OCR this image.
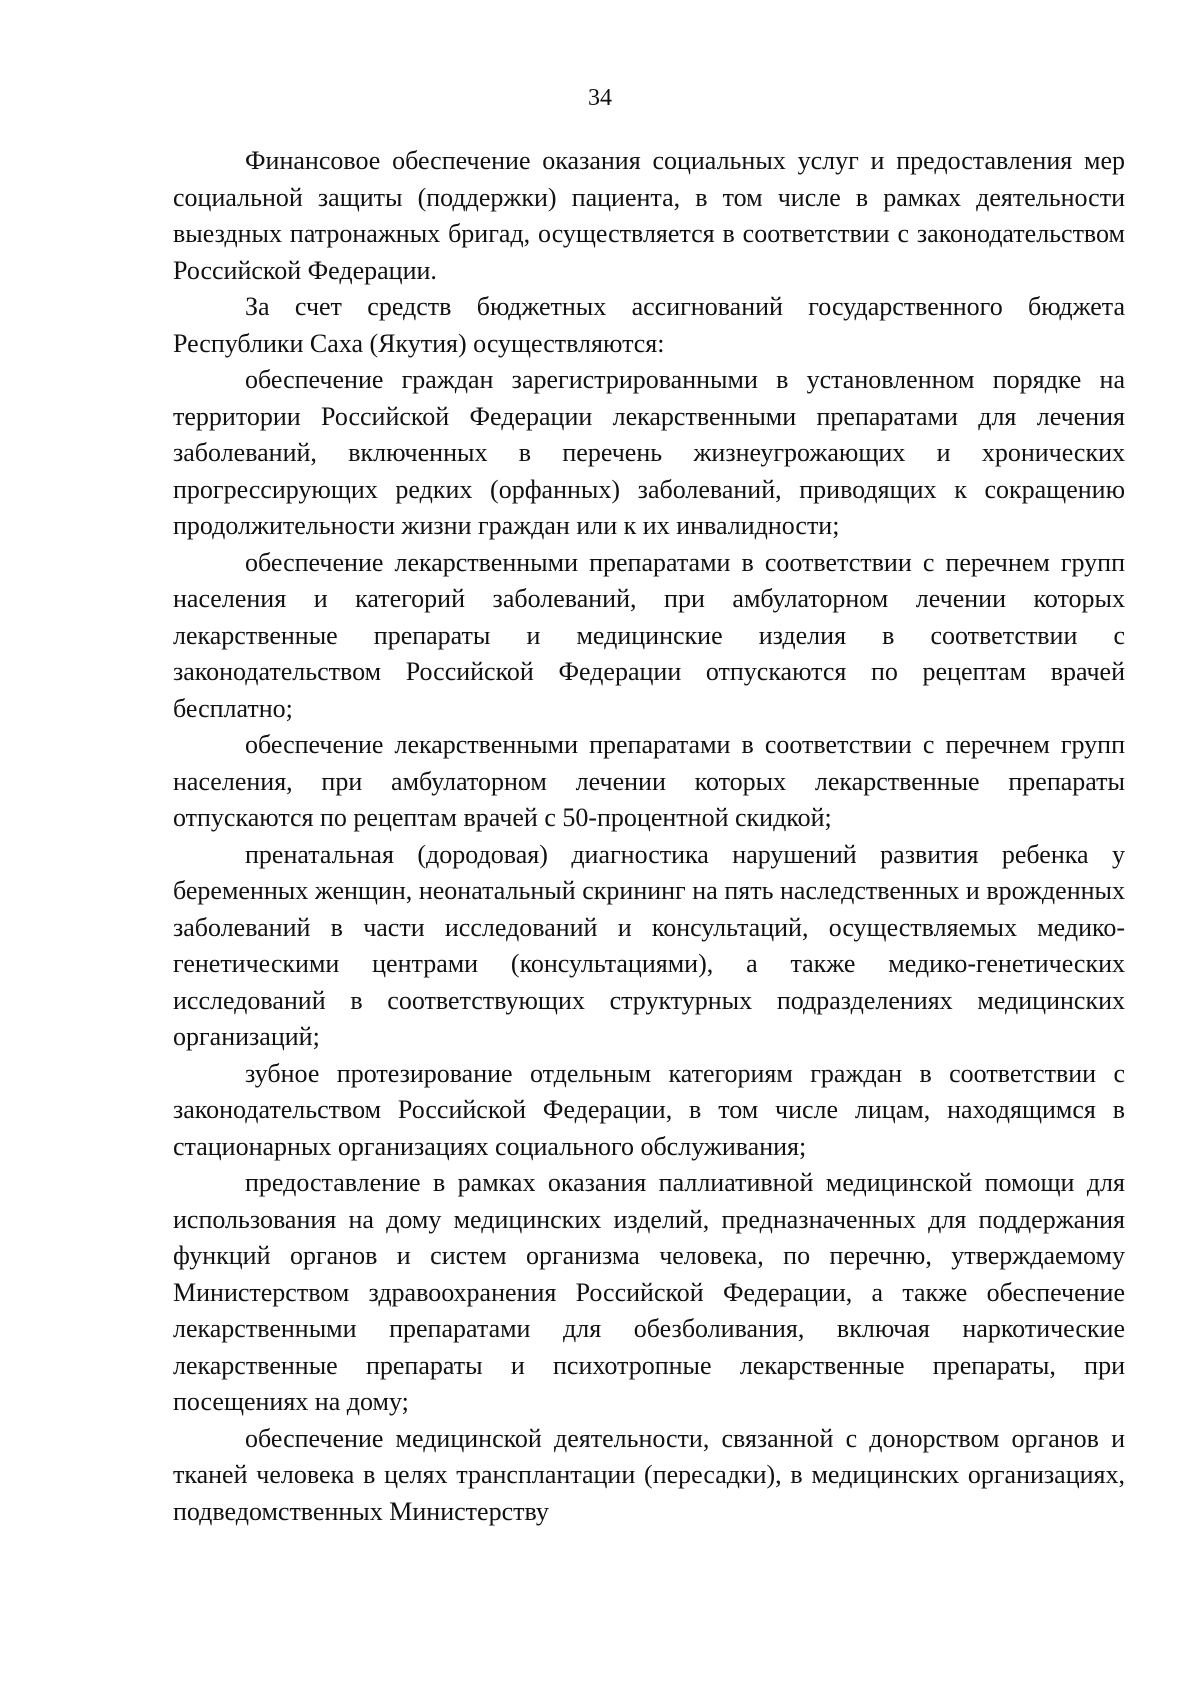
34

Финансовое обеспечение оказания социальных услуг и предоставления мер социальной защиты (поддержки) пациента, в том числе в рамках деятельности выездных патронажных бригад, осуществляется в соответствии с законодательством Российской Федерации.

За счет средств бюджетных ассигнований государственного бюджета Республики Саха (Якутия) осуществляются:

обеспечение граждан зарегистрированными в установленном порядке на территории Российской Федерации лекарственными препаратами для лечения заболеваний, включенных в перечень жизнеугрожающих и хронических прогрессирующих редких (орфанных) заболеваний, приводящих к сокращению продолжительности жизни граждан или к их инвалидности;

обеспечение лекарственными препаратами в соответствии с перечнем групп населения и категорий заболеваний, при амбулаторном лечении которых лекарственные препараты и медицинские изделия в соответствии с законодательством Российской Федерации отпускаются по рецептам врачей бесплатно;

обеспечение лекарственными препаратами в соответствии с перечнем групп населения, при амбулаторном лечении которых лекарственные препараты отпускаются по рецептам врачей с 50-процентной скидкой;

пренатальная (дородовая) диагностика нарушений развития ребенка у беременных женщин, неонатальный скрининг на пять наследственных и врожденных заболеваний в части исследований и консультаций, осуществляемых медико-генетическими центрами (консультациями), а также медико-генетических исследований в соответствующих структурных подразделениях медицинских организаций;

зубное протезирование отдельным категориям граждан в соответствии с законодательством Российской Федерации, в том числе лицам, находящимся в стационарных организациях социального обслуживания;

предоставление в рамках оказания паллиативной медицинской помощи для использования на дому медицинских изделий, предназначенных для поддержания функций органов и систем организма человека, по перечню, утверждаемому Министерством здравоохранения Российской Федерации, а также обеспечение лекарственными препаратами для обезболивания, включая наркотические лекарственные препараты и психотропные лекарственные препараты, при посещениях на дому;

обеспечение медицинской деятельности, связанной с донорством органов и тканей человека в целях трансплантации (пересадки), в медицинских организациях, подведомственных Министерству
